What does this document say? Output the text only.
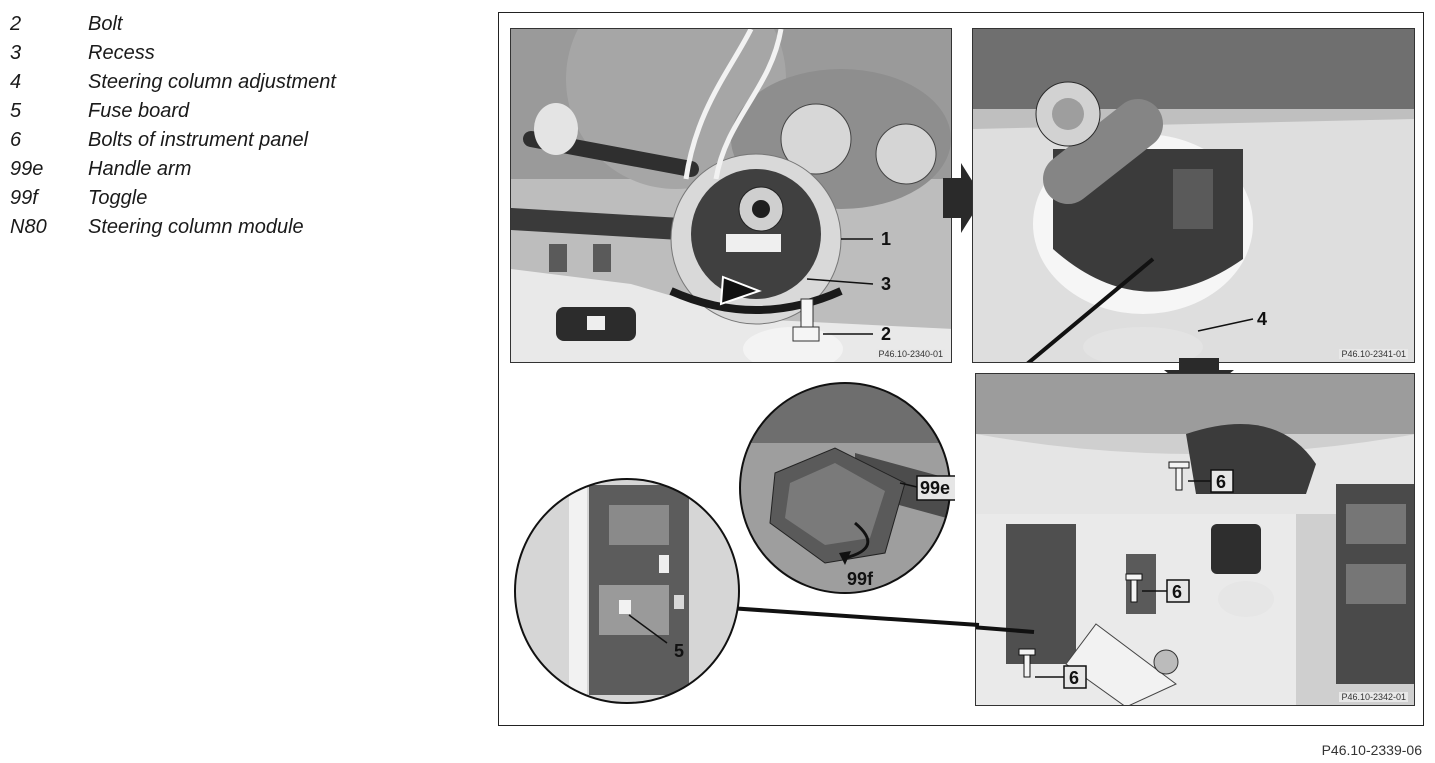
2	Bolt
3	Recess
4	Steering column adjustment
5	Fuse board
6	Bolts of instrument panel
99e	Handle arm
99f	Toggle
N80	Steering column module
1
3
2
P46.10-2340-01
4
P46.10-2341-01
6
6
6
P46.10-2342-01
99e
99f
5
P46.10-2339-06
